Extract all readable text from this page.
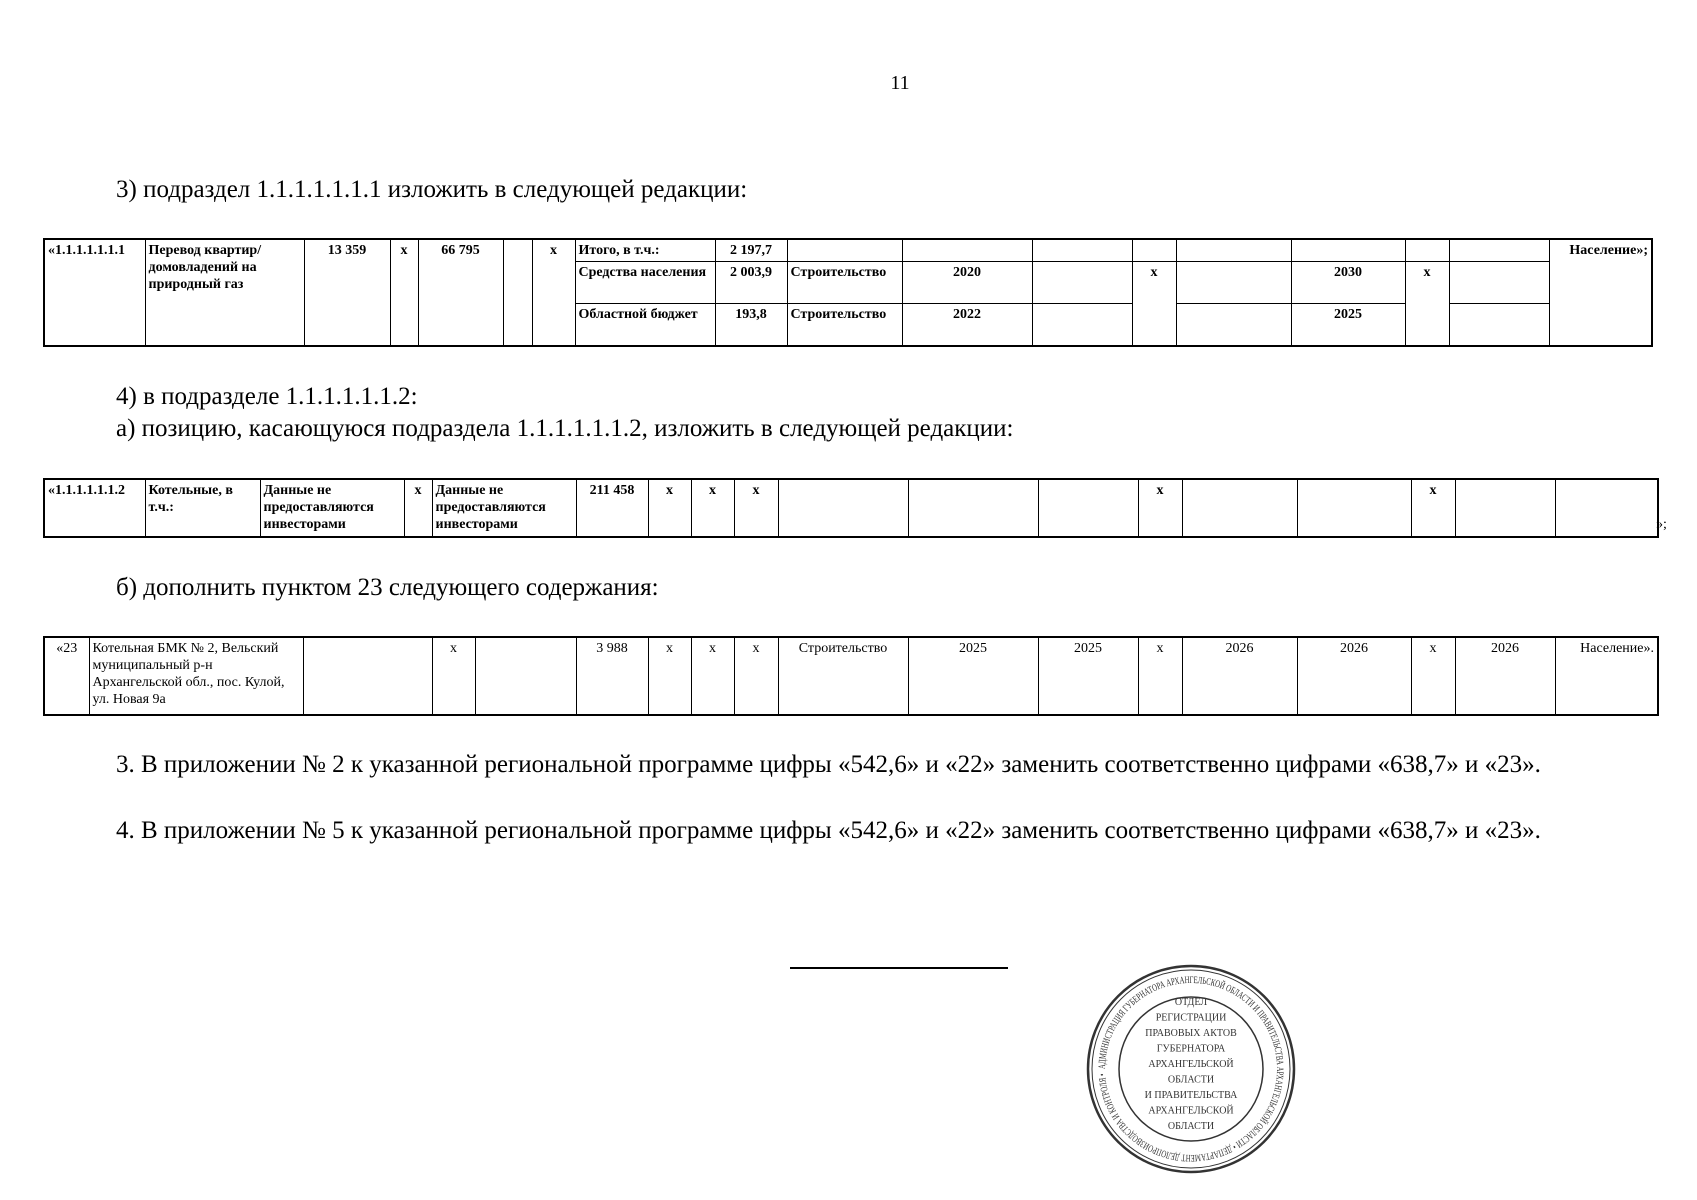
11
3) подраздел 1.1.1.1.1.1.1 изложить в следующей редакции:
«1.1.1.1.1.1.1	Перевод квартир/ домовладений на природный газ	13 359	х	66 795		х	Итого, в т.ч.:	2 197,7									Население»;
							Средства населения	2 003,9	Строительство	2020		х		2030	х		
							Областной бюджет	193,8	Строительство	2022				2025			
4) в подразделе 1.1.1.1.1.1.2:
а) позицию, касающуюся подраздела 1.1.1.1.1.1.2, изложить в следующей редакции:
«1.1.1.1.1.1.2	Котельные, в т.ч.:	Данные не предоставляются инвесторами	х	Данные не предоставляются инвесторами	211 458	х	х	х				х			х		
»;
б) дополнить пунктом 23 следующего содержания:
«23	Котельная БМК № 2, Вельский муниципальный р-н Архангельской обл., пос. Кулой, ул. Новая 9а		х		3 988	х	х	х	Строительство	2025	2025	х	2026	2026	х	2026	Население».
3. В приложении № 2 к указанной региональной программе цифры «542,6» и «22» заменить соответственно цифрами «638,7» и «23».
4. В приложении № 5 к указанной региональной программе цифры «542,6» и «22» заменить соответственно цифрами «638,7» и «23».
АДМИНИСТРАЦИЯ ГУБЕРНАТОРА АРХАНГЕЛЬСКОЙ ОБЛАСТИ И ПРАВИТЕЛЬСТВА АРХАНГЕЛЬСКОЙ ОБЛАСТИ • ДЕПАРТАМЕНТ ДЕЛОПРОИЗВОДСТВА И КОНТРОЛЯ •
ОТДЕЛ
РЕГИСТРАЦИИ
ПРАВОВЫХ АКТОВ
ГУБЕРНАТОРА
АРХАНГЕЛЬСКОЙ
ОБЛАСТИ
И ПРАВИТЕЛЬСТВА
АРХАНГЕЛЬСКОЙ
ОБЛАСТИ
